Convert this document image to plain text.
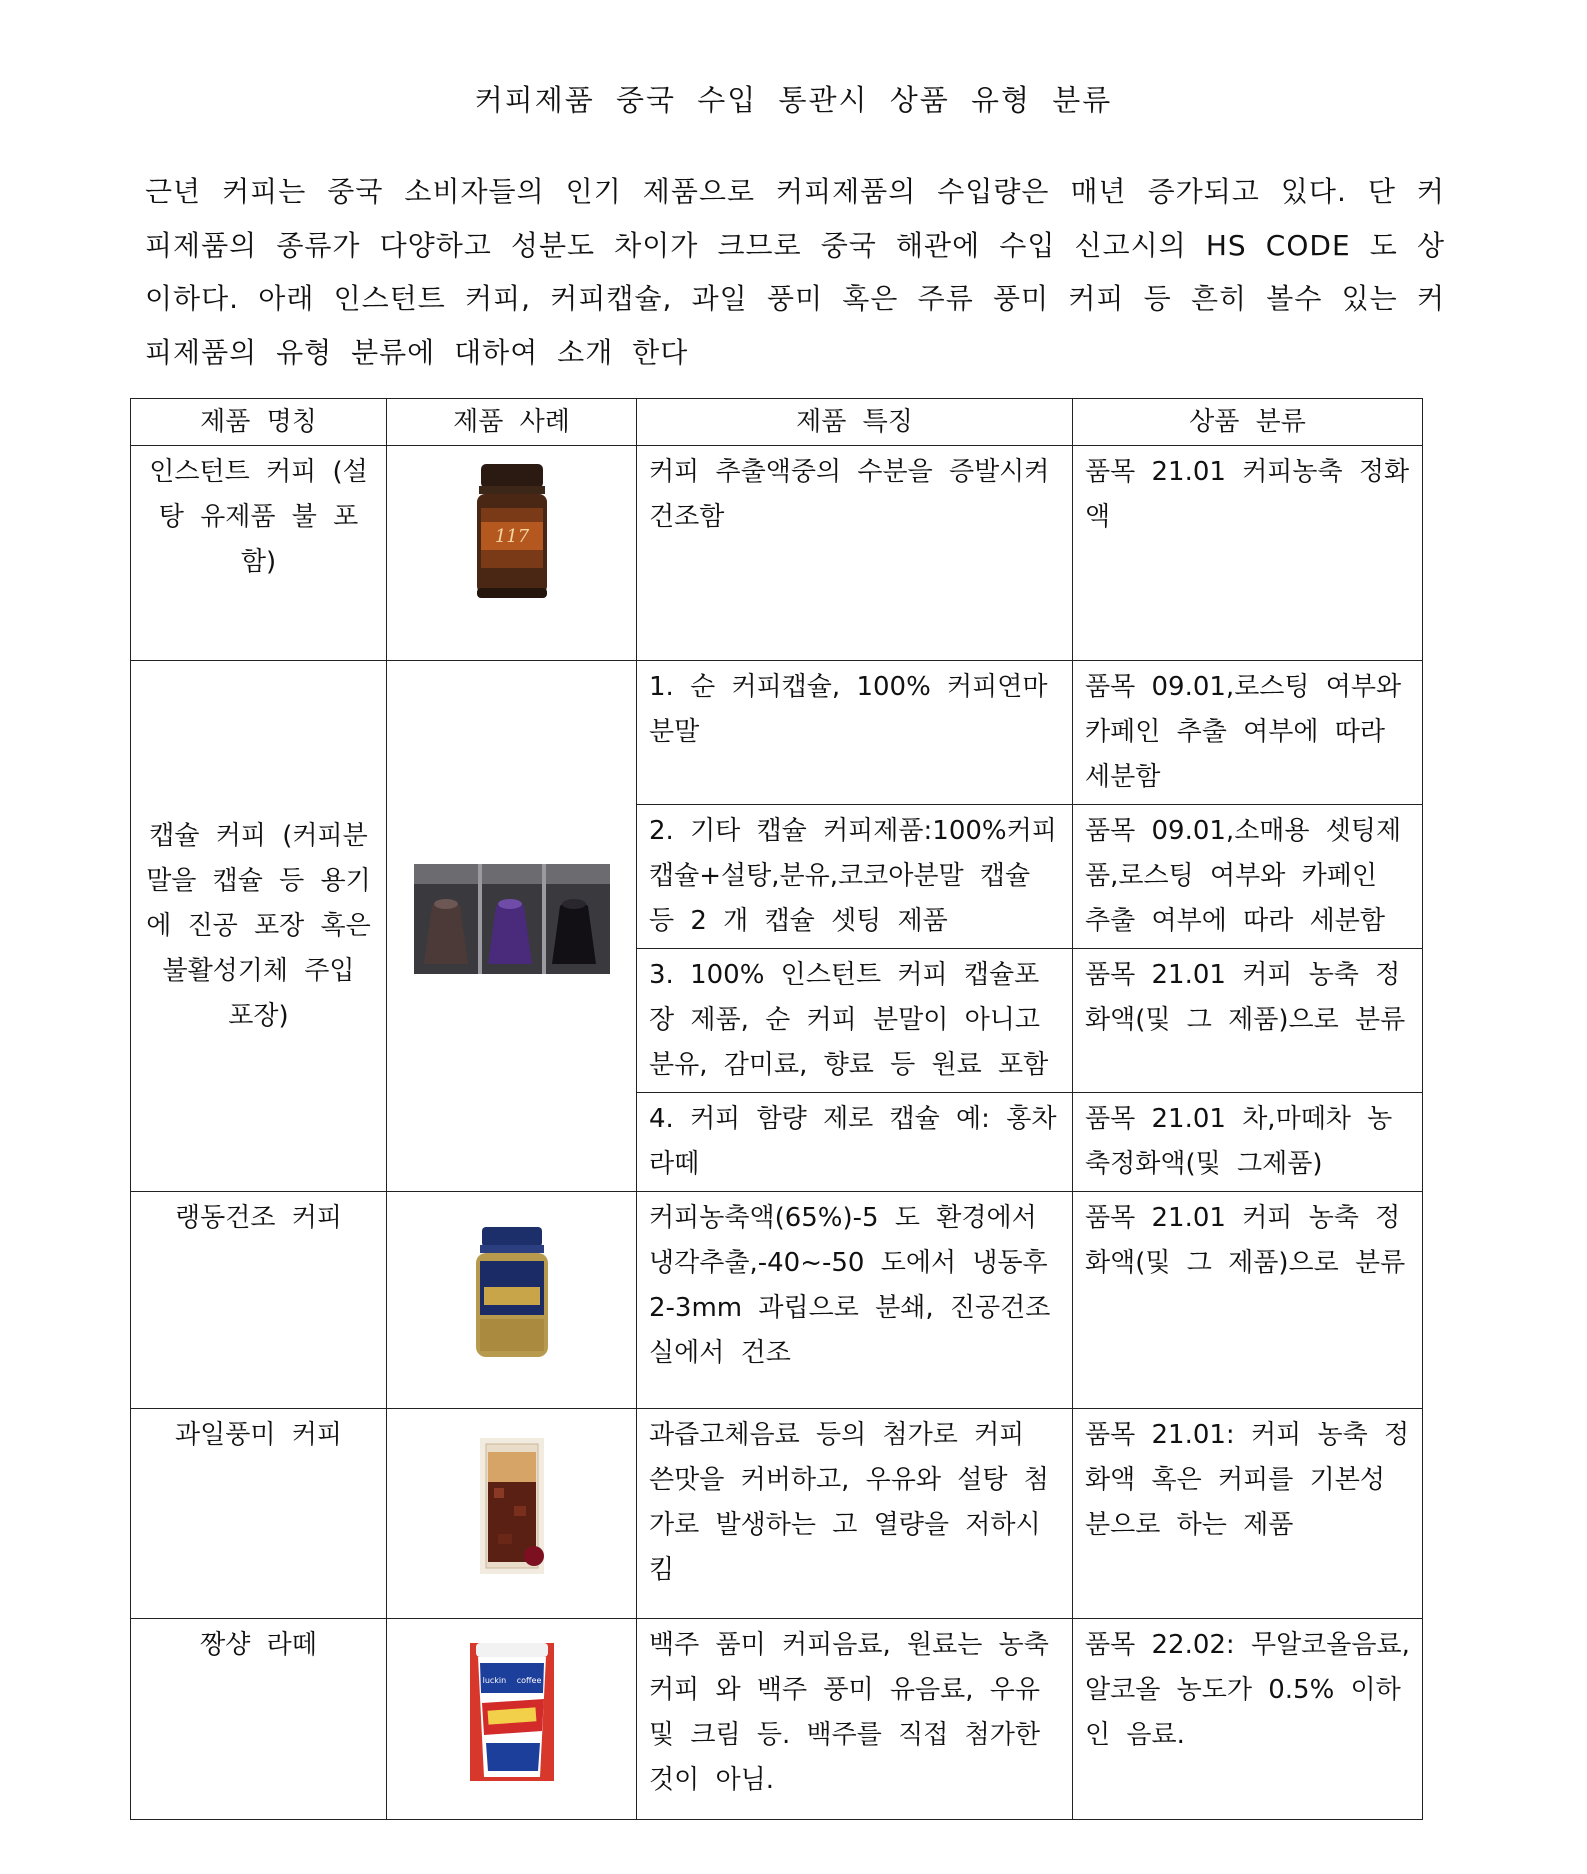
커피제품 중국 수입 통관시 상품 유형 분류
근년 커피는 중국 소비자들의 인기 제품으로 커피제품의 수입량은 매년 증가되고 있다. 단 커피제품의 종류가 다양하고 성분도 차이가 크므로 중국 해관에 수입 신고시의 HS CODE 도 상이하다. 아래 인스턴트 커피, 커피캡슐, 과일 풍미 혹은 주류 풍미 커피 등 흔히 볼수 있는 커피제품의 유형 분류에 대하여 소개 한다
제품 명칭	제품 사례	제품 특징	상품 분류
인스턴트 커피 (설탕 유제품 불 포함)	117	커피 추출액중의 수분을 증발시켜 건조함	품목 21.01 커피농축 정화액
캡슐 커피 (커피분말을 캡슐 등 용기에 진공 포장 혹은 불활성기체 주입 포장)		1. 순 커피캡슐, 100% 커피연마 분말	품목 09.01,로스팅 여부와 카페인 추출 여부에 따라 세분함
		2. 기타 캡슐 커피제품:100%커피캡슐+설탕,분유,코코아분말 캡슐 등 2 개 캡슐 셋팅 제품	품목 09.01,소매용 셋팅제품,로스팅 여부와 카페인 추출 여부에 따라 세분함
		3. 100% 인스턴트 커피 캡슐포장 제품, 순 커피 분말이 아니고 분유, 감미료, 향료 등 원료 포함	품목 21.01 커피 농축 정화액(및 그 제품)으로 분류
		4. 커피 함량 제로 캡슐 예: 홍차 라떼	품목 21.01 차,마떼차 농축정화액(및 그제품)
랭동건조 커피		커피농축액(65%)-5 도 환경에서 냉각추출,-40~-50 도에서 냉동후 2-3mm 과립으로 분쇄, 진공건조실에서 건조	품목 21.01 커피 농축 정화액(및 그 제품)으로 분류
과일풍미 커피		과즙고체음료 등의 첨가로 커피 쓴맛을 커버하고, 우유와 설탕 첨가로 발생하는 고 열량을 저하시킴	품목 21.01: 커피 농축 정화액 혹은 커피를 기본성분으로 하는 제품
짱샹 라떼	luckin coffee	백주 품미 커피음료, 원료는 농축 커피 와 백주 풍미 유음료, 우유 및 크림 등. 백주를 직접 첨가한것이 아님.	품목 22.02: 무알코올음료, 알코올 농도가 0.5% 이하인 음료.
